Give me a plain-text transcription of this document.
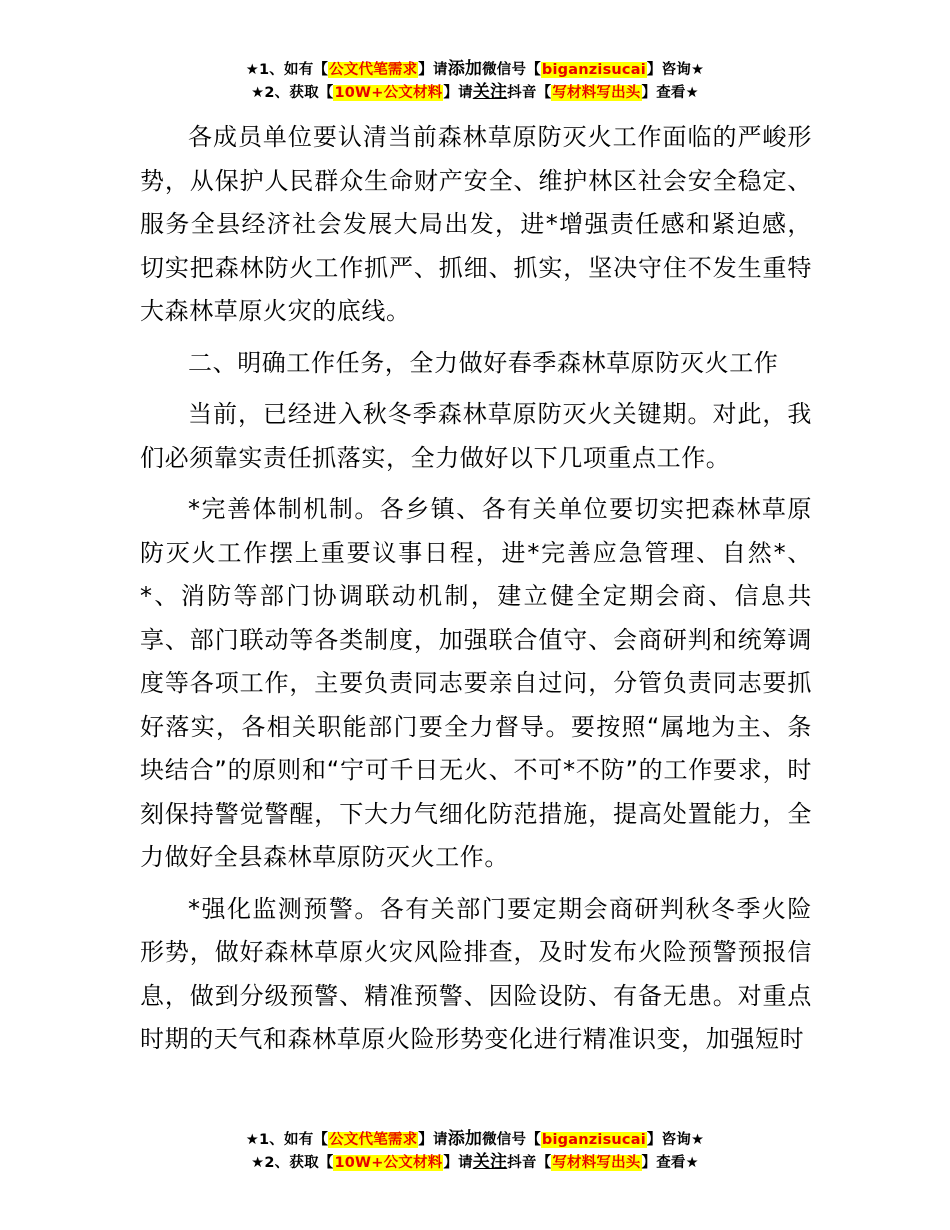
★1、如有【公文代笔需求】请添加微信号【biganzisucai】咨询★
★2、获取【10W+公文材料】请关注抖音【写材料写出头】查看★

各成员单位要认清当前森林草原防灭火工作面临的严峻形势，从保护人民群众生命财产安全、维护林区社会安全稳定、服务全县经济社会发展大局出发，进*增强责任感和紧迫感，切实把森林防火工作抓严、抓细、抓实，坚决守住不发生重特大森林草原火灾的底线。

二、明确工作任务，全力做好春季森林草原防灭火工作

当前，已经进入秋冬季森林草原防灭火关键期。对此，我们必须靠实责任抓落实，全力做好以下几项重点工作。

*完善体制机制。各乡镇、各有关单位要切实把森林草原防灭火工作摆上重要议事日程，进*完善应急管理、自然*、*、消防等部门协调联动机制，建立健全定期会商、信息共享、部门联动等各类制度，加强联合值守、会商研判和统筹调度等各项工作，主要负责同志要亲自过问，分管负责同志要抓好落实，各相关职能部门要全力督导。要按照“属地为主、条块结合”的原则和“宁可千日无火、不可*不防”的工作要求，时刻保持警觉警醒，下大力气细化防范措施，提高处置能力，全力做好全县森林草原防灭火工作。

*强化监测预警。各有关部门要定期会商研判秋冬季火险形势，做好森林草原火灾风险排查，及时发布火险预警预报信息，做到分级预警、精准预警、因险设防、有备无患。对重点时期的天气和森林草原火险形势变化进行精准识变，加强短时

★1、如有【公文代笔需求】请添加微信号【biganzisucai】咨询★
★2、获取【10W+公文材料】请关注抖音【写材料写出头】查看★
